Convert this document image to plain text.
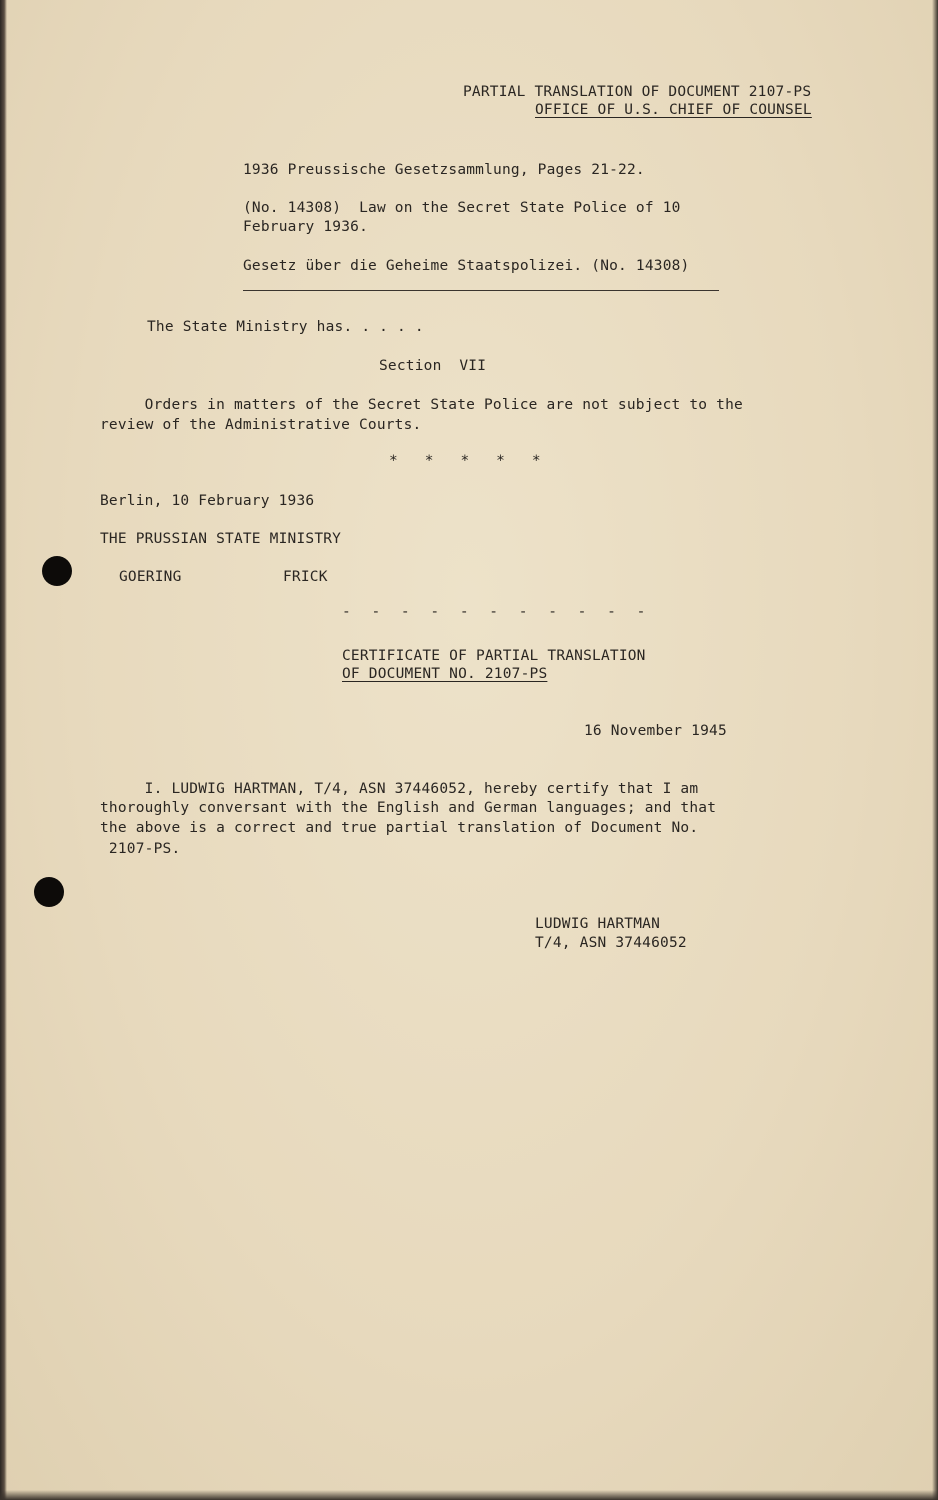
PARTIAL TRANSLATION OF DOCUMENT 2107-PS
OFFICE OF U.S. CHIEF OF COUNSEL
1936 Preussische Gesetzsammlung, Pages 21-22.
(No. 14308)  Law on the Secret State Police of 10
February 1936.
Gesetz über die Geheime Staatspolizei. (No. 14308)
The State Ministry has. . . . .
Section  VII
Orders in matters of the Secret State Police are not subject to the
review of the Administrative Courts.
*   *   *   *   *
Berlin, 10 February 1936
THE PRUSSIAN STATE MINISTRY
GOERING	FRICK
- - - - - - - - - - -
CERTIFICATE OF PARTIAL TRANSLATION
OF DOCUMENT NO. 2107-PS
16 November 1945
I. LUDWIG HARTMAN, T/4, ASN 37446052, hereby certify that I am
thoroughly conversant with the English and German languages; and that
the above is a correct and true partial translation of Document No.
2107-PS.
LUDWIG HARTMAN
T/4, ASN 37446052
